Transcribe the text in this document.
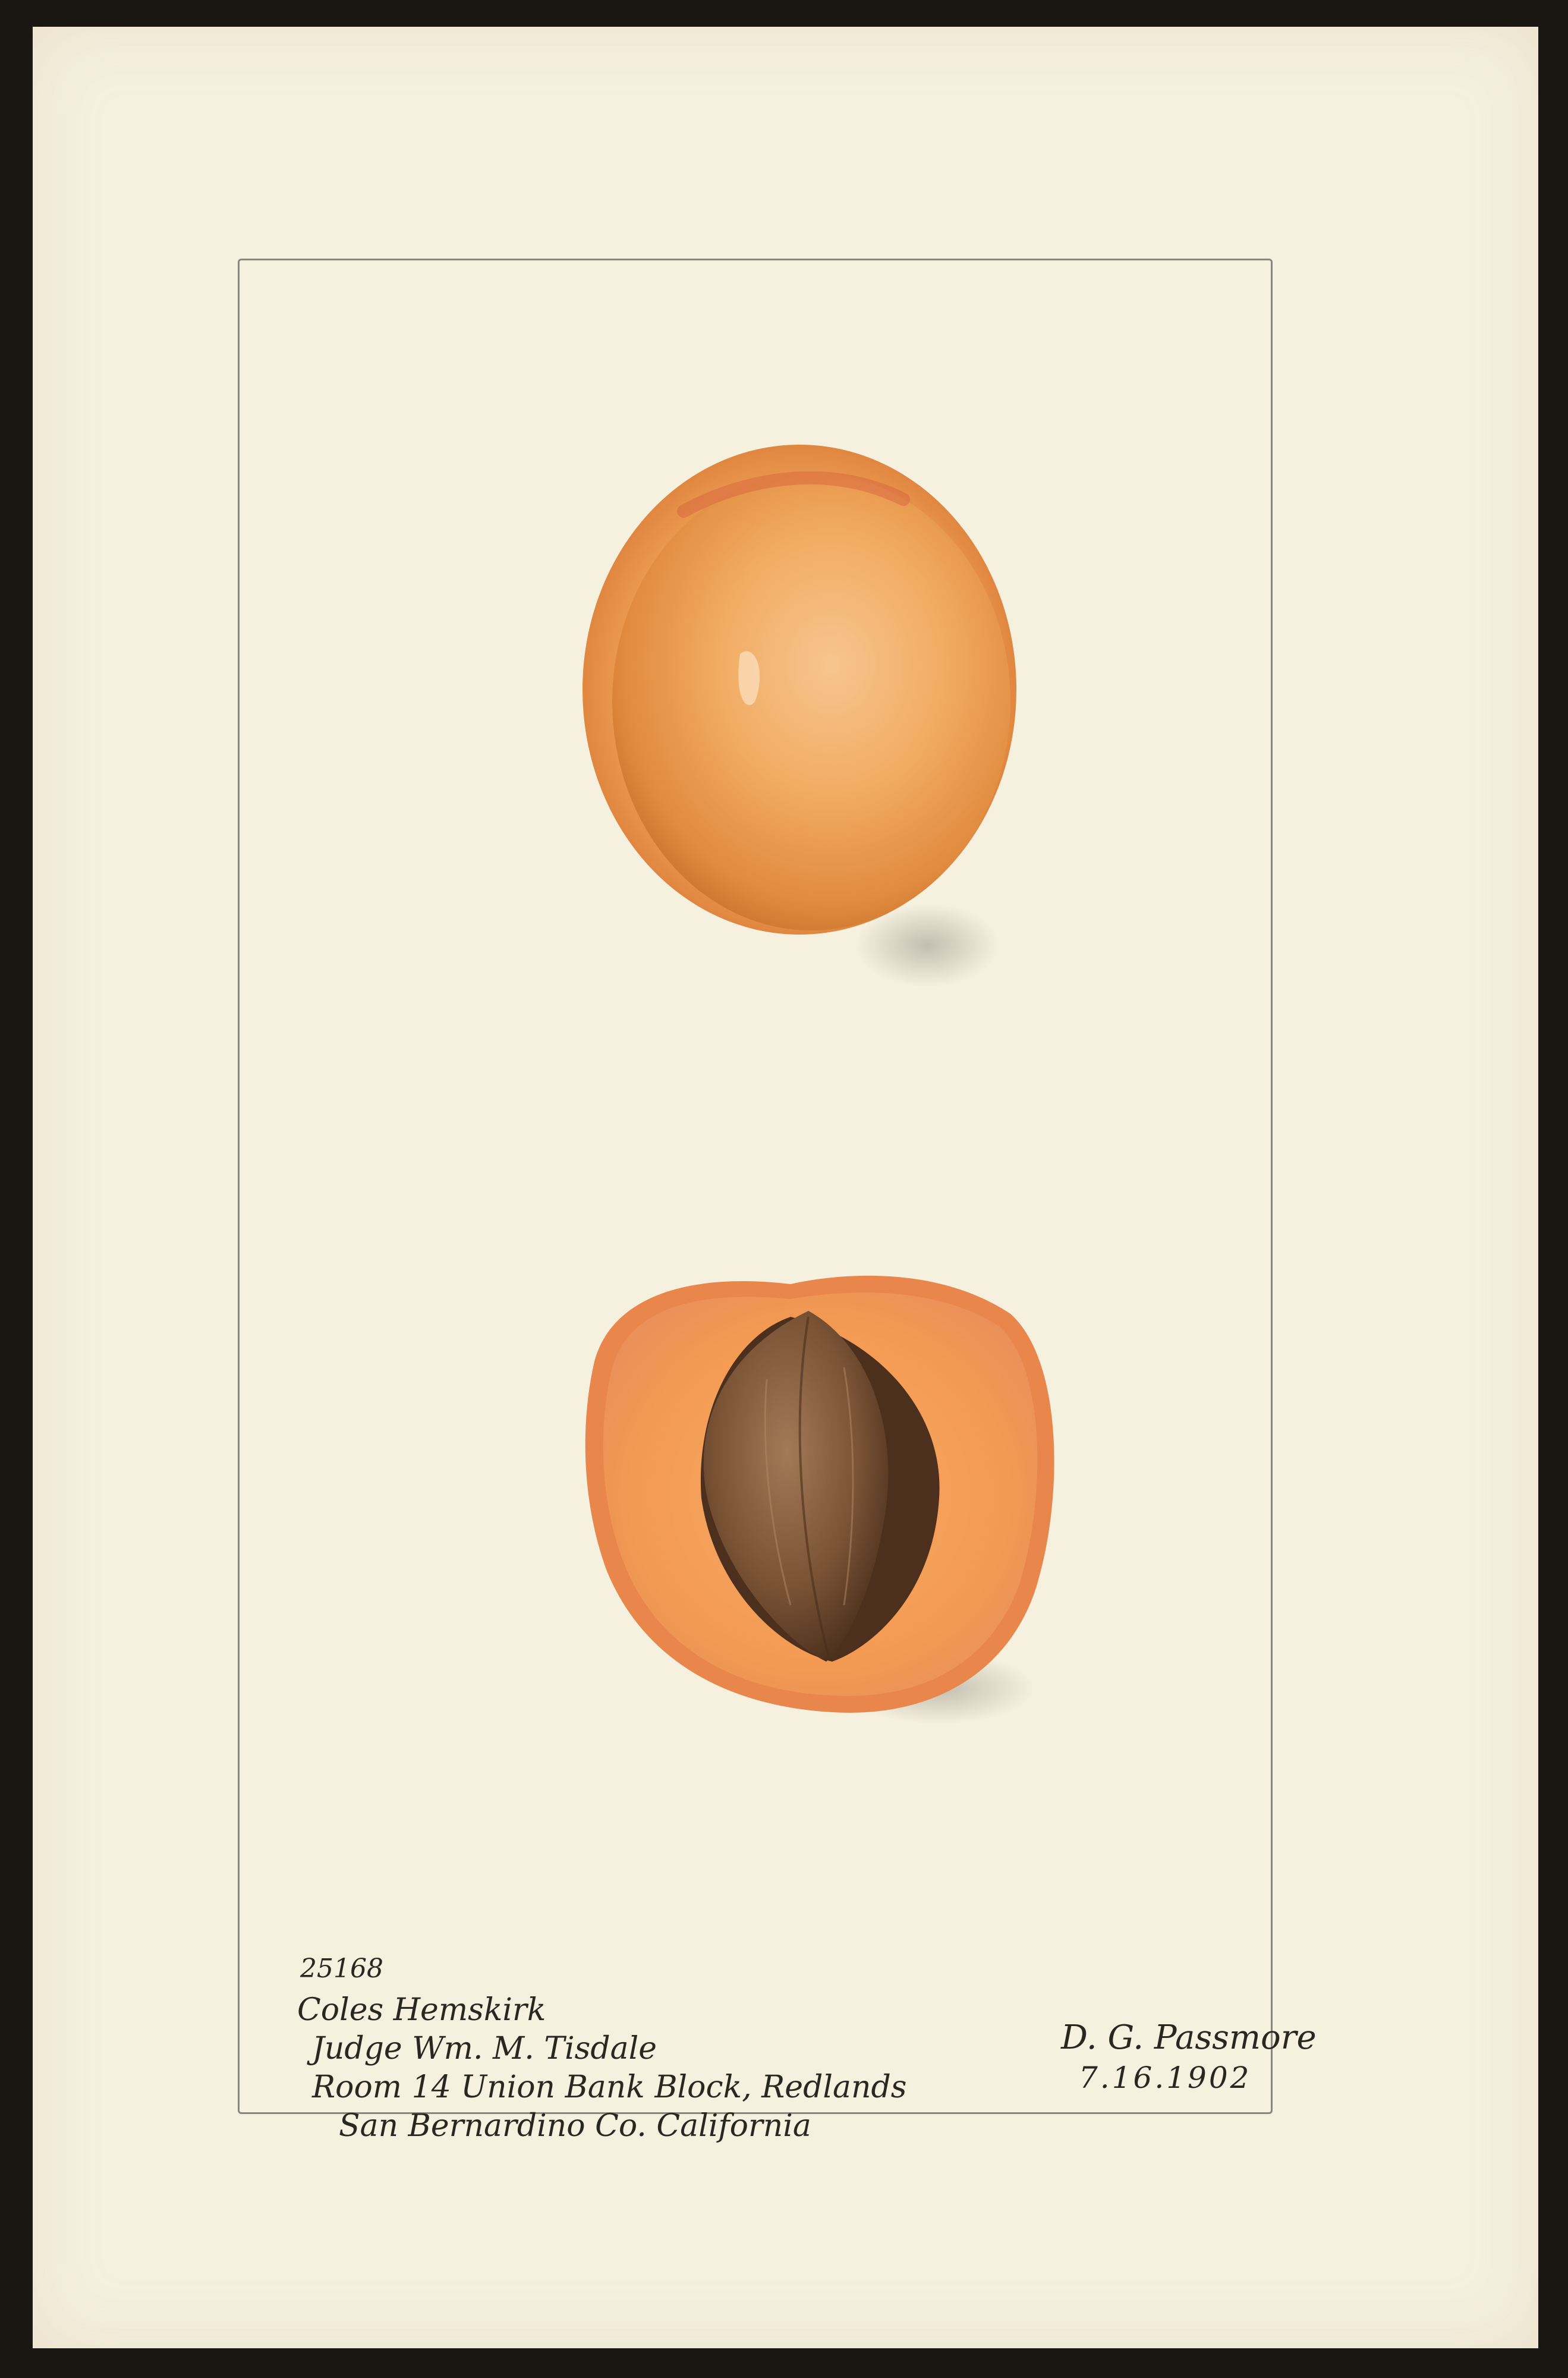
25168
Coles Hemskirk
Judge Wm. M. Tisdale
Room 14 Union Bank Block, Redlands
San Bernardino Co. California
D. G. Passmore
7.16.1902
